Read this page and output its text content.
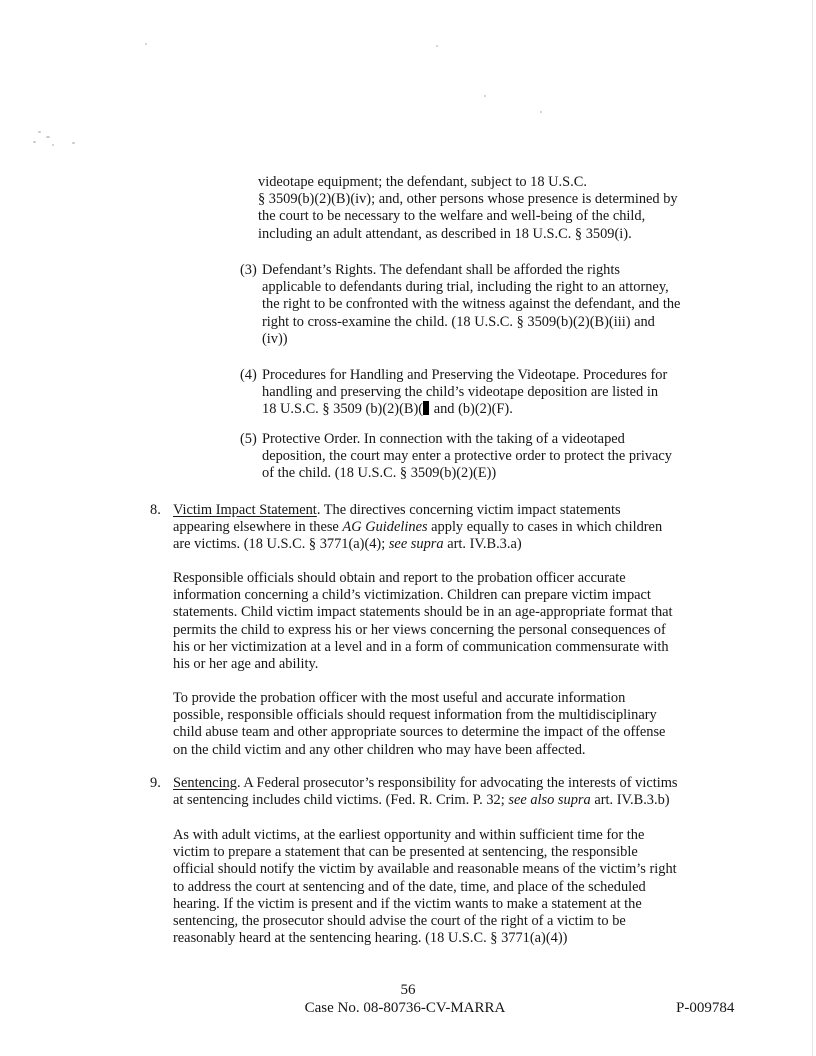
videotape equipment; the defendant, subject to 18 U.S.C.
§ 3509(b)(2)(B)(iv); and, other persons whose presence is determined by
the court to be necessary to the welfare and well-being of the child,
including an adult attendant, as described in 18 U.S.C. § 3509(i).

(3) Defendant’s Rights. The defendant shall be afforded the rights
applicable to defendants during trial, including the right to an attorney,
the right to be confronted with the witness against the defendant, and the
right to cross-examine the child. (18 U.S.C. § 3509(b)(2)(B)(iii) and
(iv))

(4) Procedures for Handling and Preserving the Videotape. Procedures for
handling and preserving the child’s videotape deposition are listed in
18 U.S.C. § 3509 (b)(2)(B)( and (b)(2)(F).

(5) Protective Order. In connection with the taking of a videotaped
deposition, the court may enter a protective order to protect the privacy
of the child. (18 U.S.C. § 3509(b)(2)(E))

8. Victim Impact Statement. The directives concerning victim impact statements
appearing elsewhere in these AG Guidelines apply equally to cases in which children
are victims. (18 U.S.C. § 3771(a)(4); see supra art. IV.B.3.a)

Responsible officials should obtain and report to the probation officer accurate
information concerning a child’s victimization. Children can prepare victim impact
statements. Child victim impact statements should be in an age-appropriate format that
permits the child to express his or her views concerning the personal consequences of
his or her victimization at a level and in a form of communication commensurate with
his or her age and ability.

To provide the probation officer with the most useful and accurate information
possible, responsible officials should request information from the multidisciplinary
child abuse team and other appropriate sources to determine the impact of the offense
on the child victim and any other children who may have been affected.

9. Sentencing. A Federal prosecutor’s responsibility for advocating the interests of victims
at sentencing includes child victims. (Fed. R. Crim. P. 32; see also supra art. IV.B.3.b)

As with adult victims, at the earliest opportunity and within sufficient time for the
victim to prepare a statement that can be presented at sentencing, the responsible
official should notify the victim by available and reasonable means of the victim’s right
to address the court at sentencing and of the date, time, and place of the scheduled
hearing. If the victim is present and if the victim wants to make a statement at the
sentencing, the prosecutor should advise the court of the right of a victim to be
reasonably heard at the sentencing hearing. (18 U.S.C. § 3771(a)(4))

56
Case No. 08-80736-CV-MARRA	P-009784
